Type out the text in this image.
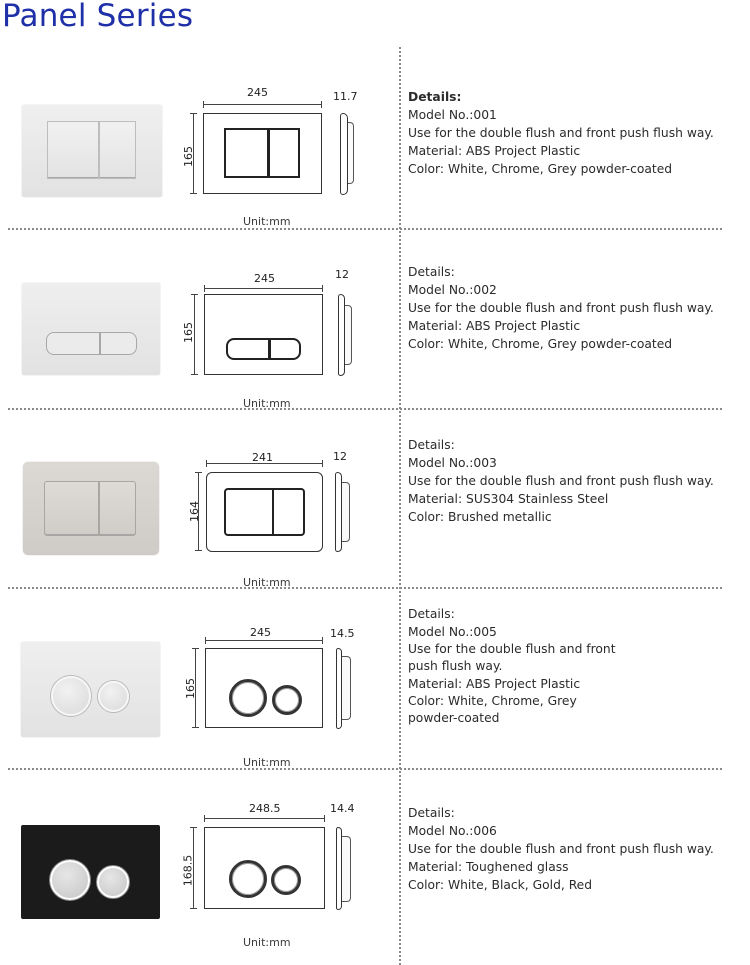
Panel Series
245
165
11.7
Unit:mm
Details:
Model No.:001
Use for the double flush and front push flush way.
Material: ABS Project Plastic
Color: White, Chrome, Grey powder-coated
245
165
12
Unit:mm
Details:
Model No.:002
Use for the double flush and front push flush way.
Material: ABS Project Plastic
Color: White, Chrome, Grey powder-coated
241
164
12
Unit:mm
Details:
Model No.:003
Use for the double flush and front push flush way.
Material: SUS304 Stainless Steel
Color: Brushed metallic
245
165
14.5
Unit:mm
Details:
Model No.:005
Use for the double flush and front push flush way.
Material: ABS Project Plastic
Color: White, Chrome, Grey powder-coated
248.5
168.5
14.4
Unit:mm
Details:
Model No.:006
Use for the double flush and front push flush way.
Material: Toughened glass
Color: White, Black, Gold, Red
